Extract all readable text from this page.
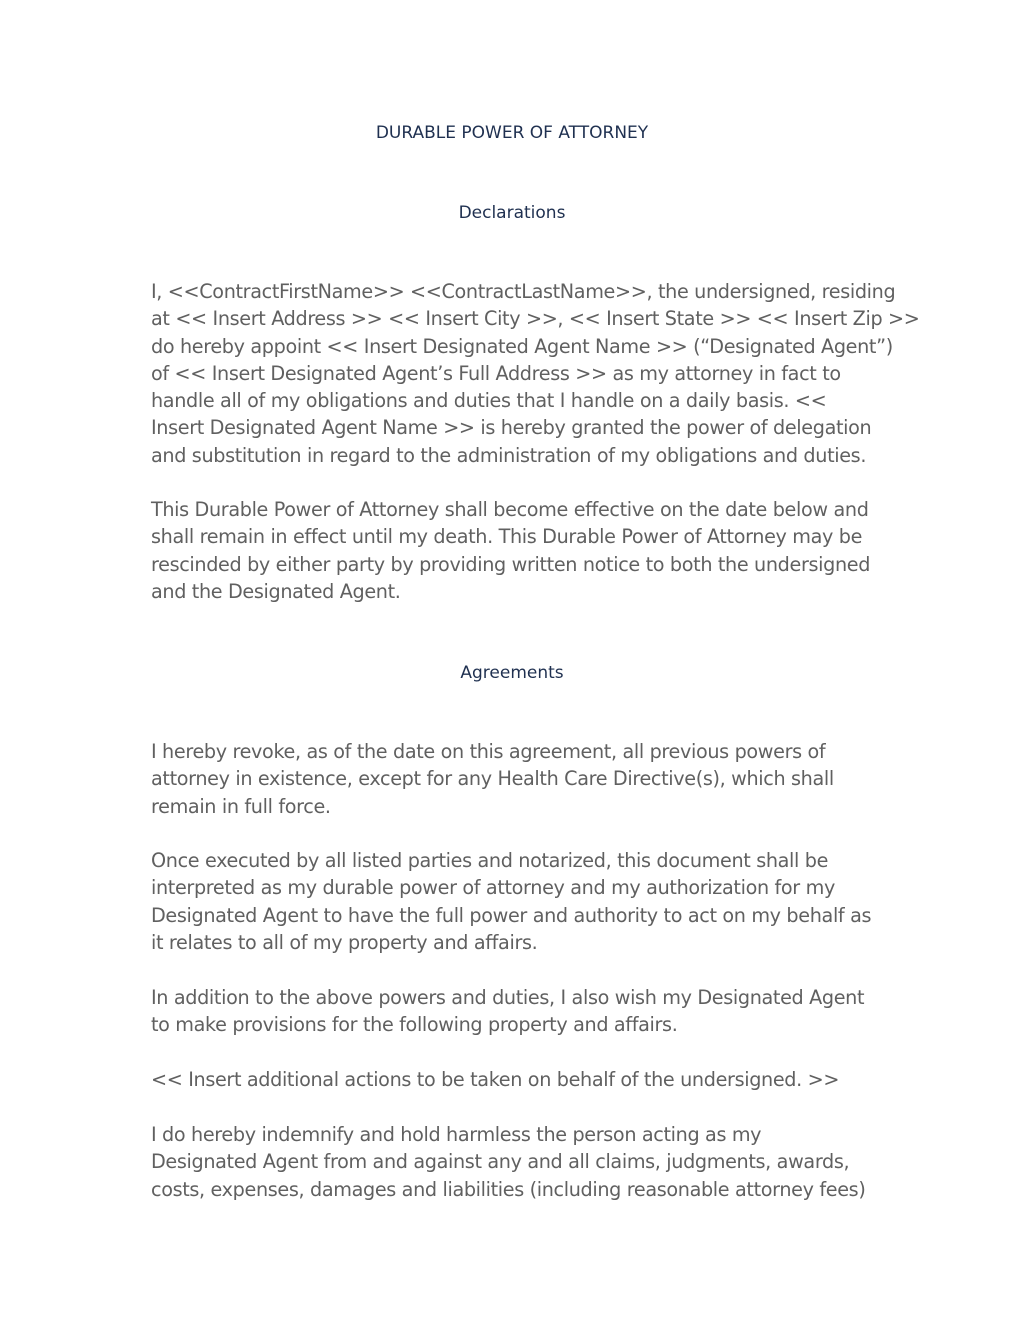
DURABLE POWER OF ATTORNEY
Declarations

I, <<ContractFirstName>> <<ContractLastName>>, the undersigned, residing
at << Insert Address >> << Insert City >>, << Insert State >> << Insert Zip >>
do hereby appoint << Insert Designated Agent Name >> (“Designated Agent”)
of << Insert Designated Agent’s Full Address >> as my attorney in fact to
handle all of my obligations and duties that I handle on a daily basis. <<
Insert Designated Agent Name >> is hereby granted the power of delegation
and substitution in regard to the administration of my obligations and duties.

This Durable Power of Attorney shall become effective on the date below and
shall remain in effect until my death. This Durable Power of Attorney may be
rescinded by either party by providing written notice to both the undersigned
and the Designated Agent.

Agreements

I hereby revoke, as of the date on this agreement, all previous powers of
attorney in existence, except for any Health Care Directive(s), which shall
remain in full force.

Once executed by all listed parties and notarized, this document shall be
interpreted as my durable power of attorney and my authorization for my
Designated Agent to have the full power and authority to act on my behalf as
it relates to all of my property and affairs.

In addition to the above powers and duties, I also wish my Designated Agent
to make provisions for the following property and affairs.

<< Insert additional actions to be taken on behalf of the undersigned. >>

I do hereby indemnify and hold harmless the person acting as my
Designated Agent from and against any and all claims, judgments, awards,
costs, expenses, damages and liabilities (including reasonable attorney fees)
